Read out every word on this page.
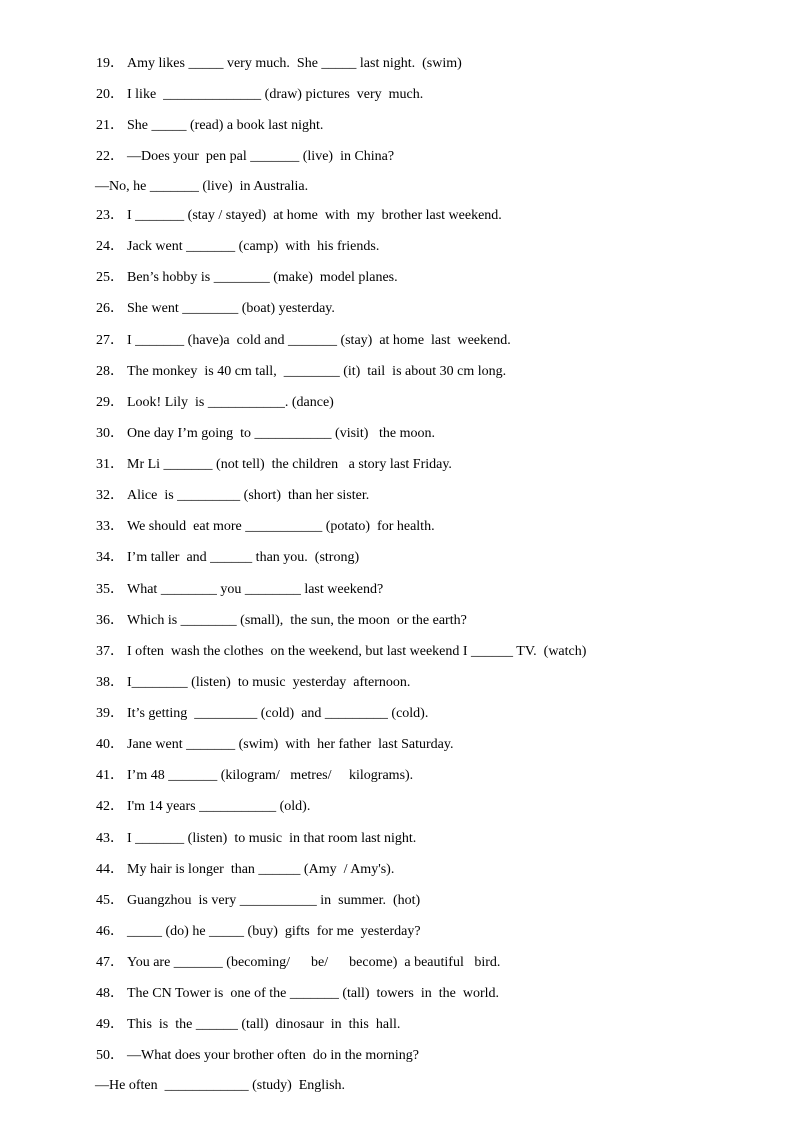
19． Amy likes _____ very much.  She _____ last night.  (swim)
20． I like  ______________ (draw) pictures  very  much.
21． She _____ (read) a book last night.
22． —Does your  pen pal _______ (live)  in China?
—No, he _______ (live)  in Australia.
23． I _______ (stay / stayed)  at home  with  my  brother last weekend.
24． Jack went _______ (camp)  with  his friends.
25． Ben’s hobby is ________ (make)  model planes.
26． She went ________ (boat) yesterday.
27． I _______ (have)a  cold and _______ (stay)  at home  last  weekend.
28． The monkey  is 40 cm tall,  ________ (it)  tail  is about 30 cm long.
29． Look! Lily  is ___________. (dance)
30． One day I’m going  to ___________ (visit)   the moon.
31． Mr Li _______ (not tell)  the children   a story last Friday.
32． Alice  is _________ (short)  than her sister.
33． We should  eat more ___________ (potato)  for health.
34． I’m taller  and ______ than you.  (strong)
35． What ________ you ________ last weekend?
36． Which is ________ (small),  the sun, the moon  or the earth?
37． I often  wash the clothes  on the weekend, but last weekend I ______ TV.  (watch)
38． I________ (listen)  to music  yesterday  afternoon.
39． It’s getting  _________ (cold)  and _________ (cold).
40． Jane went _______ (swim)  with  her father  last Saturday.
41． I’m 48 _______ (kilogram/   metres/     kilograms).
42． I'm 14 years ___________ (old).
43． I _______ (listen)  to music  in that room last night.
44． My hair is longer  than ______ (Amy  / Amy's).
45． Guangzhou  is very ___________ in  summer.  (hot)
46． _____ (do) he _____ (buy)  gifts  for me  yesterday?
47． You are _______ (becoming/      be/      become)  a beautiful   bird.
48． The CN Tower is  one of the _______ (tall)  towers  in  the  world.
49． This  is  the ______ (tall)  dinosaur  in  this  hall.
50． —What does your brother often  do in the morning?
—He often  ____________ (study)  English.
